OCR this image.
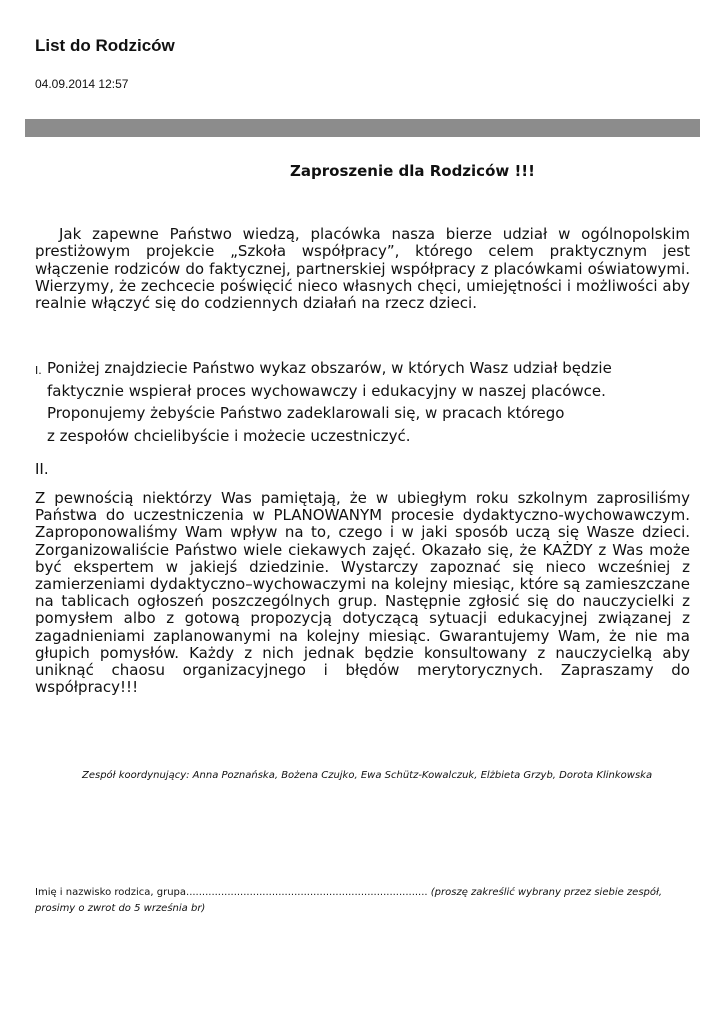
List do Rodziców
04.09.2014 12:57
Zaproszenie dla Rodziców !!!
Jak zapewne Państwo wiedzą, placówka nasza bierze udział w ogólnopolskim prestiżowym projekcie „Szkoła współpracy”, którego celem praktycznym jest włączenie rodziców do faktycznej, partnerskiej współpracy z placówkami oświatowymi. Wierzymy, że zechcecie poświęcić nieco własnych chęci, umiejętności i możliwości aby realnie włączyć się do codziennych działań na rzecz dzieci.
I. Poniżej znajdziecie Państwo wykaz obszarów, w których Wasz udział będzie
faktycznie wspierał proces wychowawczy i edukacyjny w naszej placówce.
Proponujemy żebyście Państwo zadeklarowali się, w pracach którego
z zespołów chcielibyście i możecie uczestniczyć.
II.
Z pewnością niektórzy Was pamiętają, że w ubiegłym roku szkolnym zaprosiliśmy Państwa do uczestniczenia w PLANOWANYM procesie dydaktyczno-wychowawczym. Zaproponowaliśmy Wam wpływ na to, czego i w jaki sposób uczą się Wasze dzieci. Zorganizowaliście Państwo wiele ciekawych zajęć. Okazało się, że KAŻDY z Was może być ekspertem w jakiejś dziedzinie. Wystarczy zapoznać się nieco wcześniej z zamierzeniami dydaktyczno–wychowaczymi na kolejny miesiąc, które są zamieszczane na tablicach ogłoszeń poszczególnych grup. Następnie zgłosić się do nauczycielki z pomysłem albo z gotową propozycją dotyczącą sytuacji edukacyjnej związanej z zagadnieniami zaplanowanymi na kolejny miesiąc. Gwarantujemy Wam, że nie ma głupich pomysłów. Każdy z nich jednak będzie konsultowany z nauczycielką aby uniknąć chaosu organizacyjnego i błędów merytorycznych. Zapraszamy do współpracy!!!
Zespół koordynujący: Anna Poznańska, Bożena Czujko, Ewa Schütz-Kowalczuk, Elżbieta Grzyb, Dorota Klinkowska
Imię i nazwisko rodzica, grupa............................................................................ (proszę zakreślić wybrany przez siebie zespół, prosimy o zwrot do 5 września br)
